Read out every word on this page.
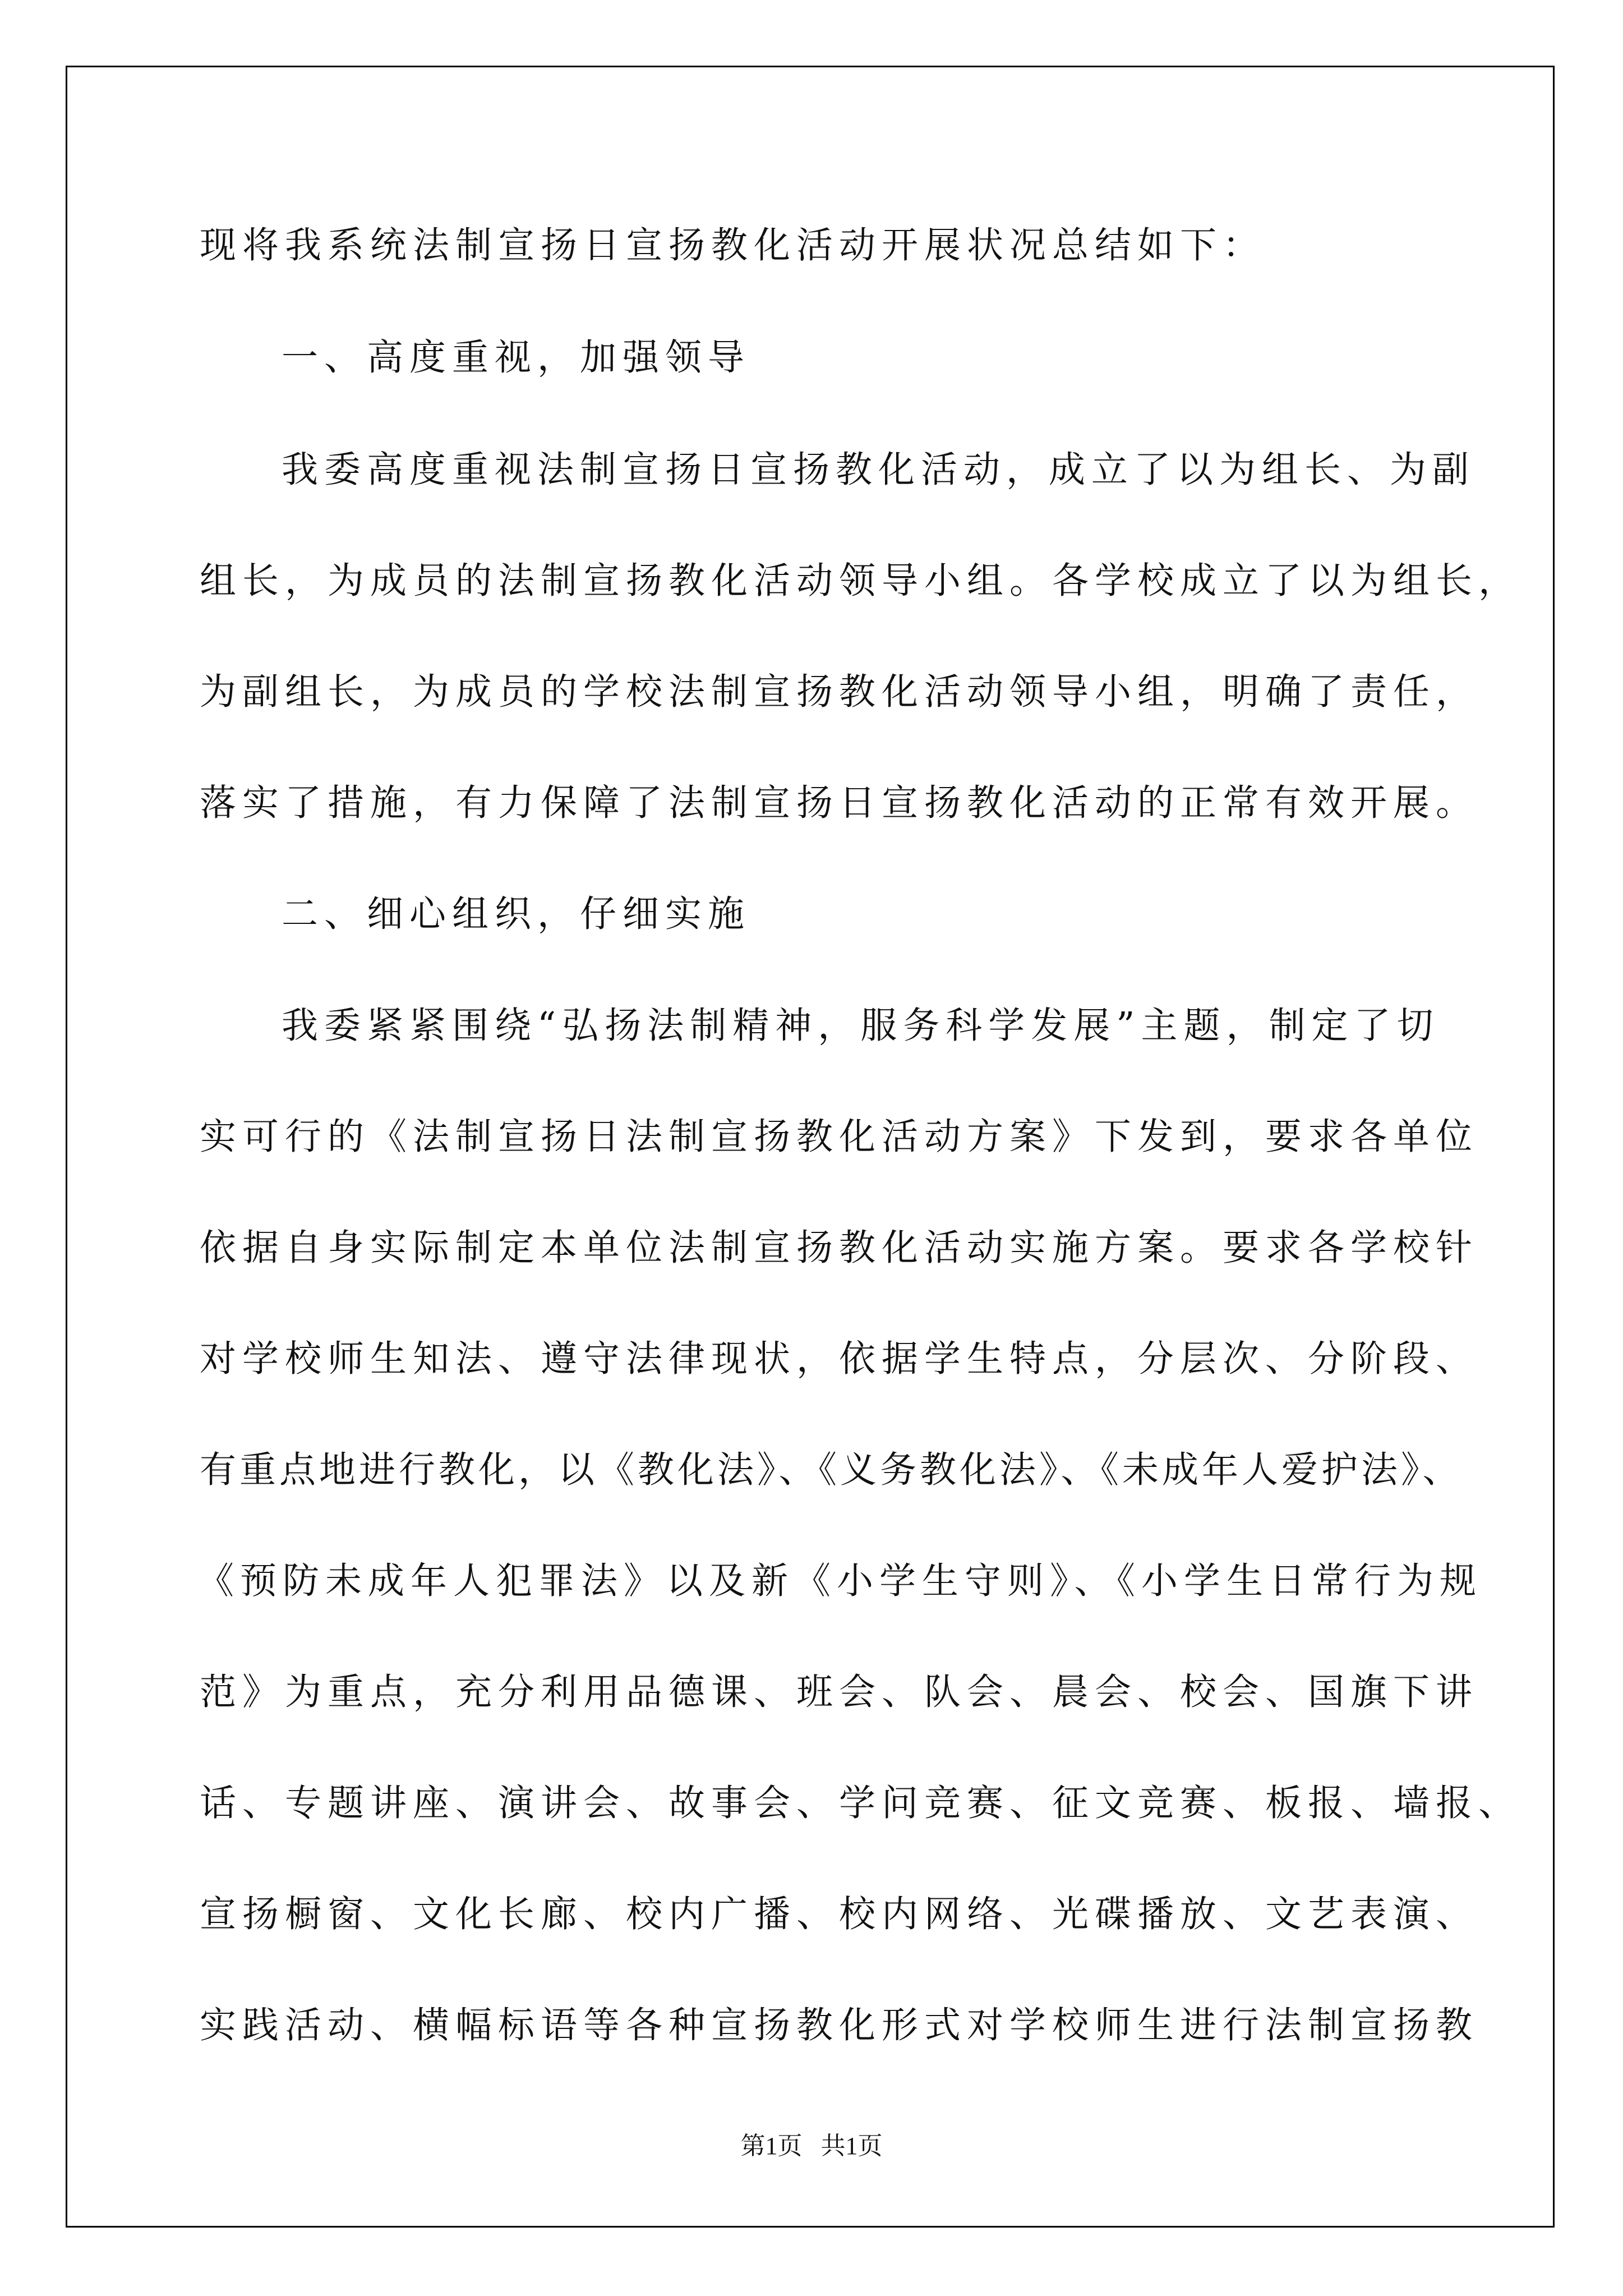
现将我系统法制宣扬日宣扬教化活动开展状况总结如下：
一、高度重视，加强领导
我委高度重视法制宣扬日宣扬教化活动，成立了以为组长、为副
组长，为成员的法制宣扬教化活动领导小组。各学校成立了以为组长，
为副组长，为成员的学校法制宣扬教化活动领导小组，明确了责任，
落实了措施，有力保障了法制宣扬日宣扬教化活动的正常有效开展。
二、细心组织，仔细实施
我委紧紧围绕“弘扬法制精神，服务科学发展”主题，制定了切
实可行的《法制宣扬日法制宣扬教化活动方案》下发到，要求各单位
依据自身实际制定本单位法制宣扬教化活动实施方案。要求各学校针
对学校师生知法、遵守法律现状，依据学生特点，分层次、分阶段、
有重点地进行教化，以《教化法》、《义务教化法》、《未成年人爱护法》、
《预防未成年人犯罪法》以及新《小学生守则》、《小学生日常行为规
范》为重点，充分利用品德课、班会、队会、晨会、校会、国旗下讲
话、专题讲座、演讲会、故事会、学问竞赛、征文竞赛、板报、墙报、
宣扬橱窗、文化长廊、校内广播、校内网络、光碟播放、文艺表演、
实践活动、横幅标语等各种宣扬教化形式对学校师生进行法制宣扬教
第1页   共1页
